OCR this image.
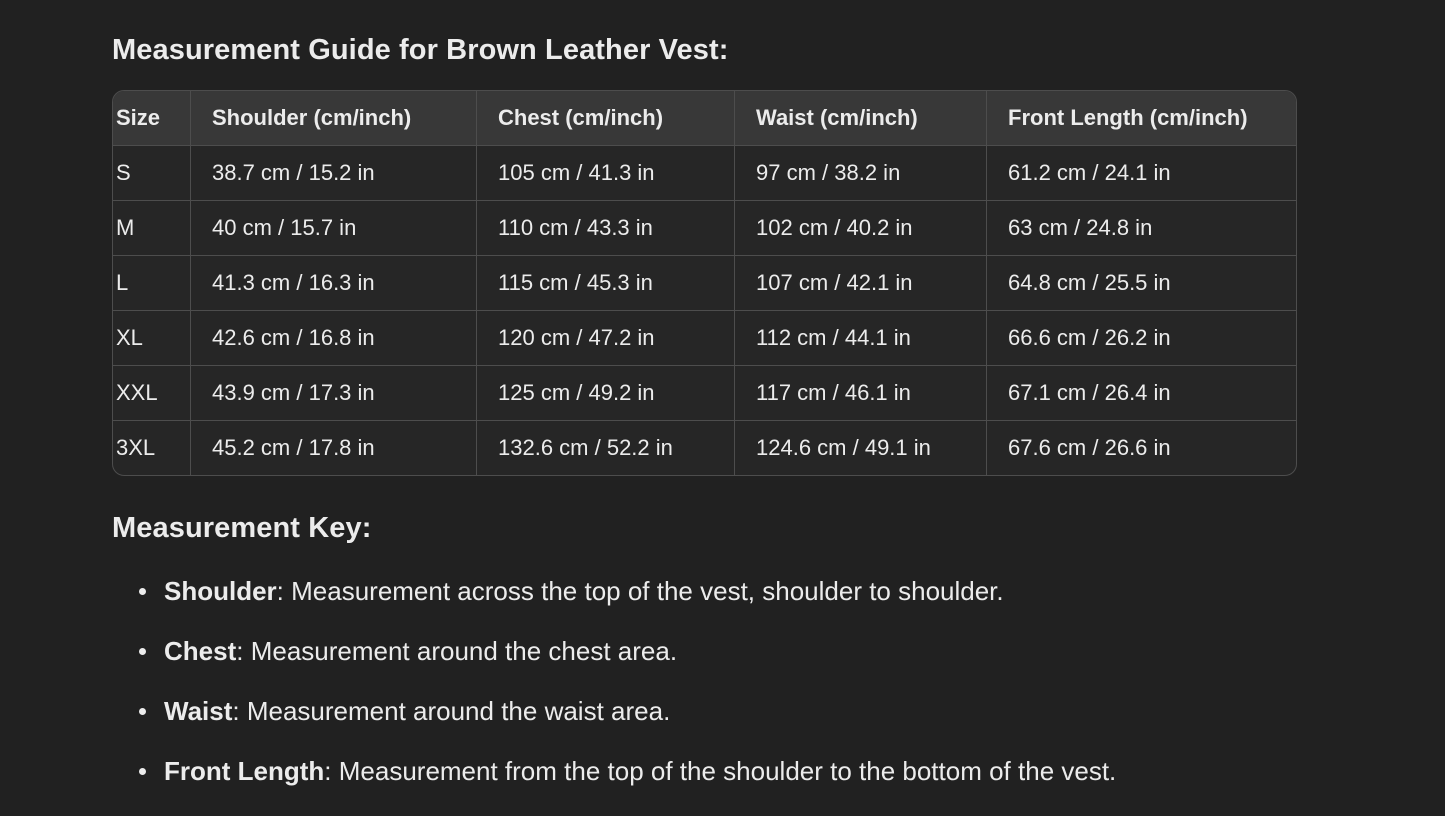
Measurement Guide for Brown Leather Vest:
Size	Shoulder (cm/inch)	Chest (cm/inch)	Waist (cm/inch)	Front Length (cm/inch)
S	38.7 cm / 15.2 in	105 cm / 41.3 in	97 cm / 38.2 in	61.2 cm / 24.1 in
M	40 cm / 15.7 in	110 cm / 43.3 in	102 cm / 40.2 in	63 cm / 24.8 in
L	41.3 cm / 16.3 in	115 cm / 45.3 in	107 cm / 42.1 in	64.8 cm / 25.5 in
XL	42.6 cm / 16.8 in	120 cm / 47.2 in	112 cm / 44.1 in	66.6 cm / 26.2 in
XXL	43.9 cm / 17.3 in	125 cm / 49.2 in	117 cm / 46.1 in	67.1 cm / 26.4 in
3XL	45.2 cm / 17.8 in	132.6 cm / 52.2 in	124.6 cm / 49.1 in	67.6 cm / 26.6 in
Measurement Key:
Shoulder: Measurement across the top of the vest, shoulder to shoulder.
Chest: Measurement around the chest area.
Waist: Measurement around the waist area.
Front Length: Measurement from the top of the shoulder to the bottom of the vest.
